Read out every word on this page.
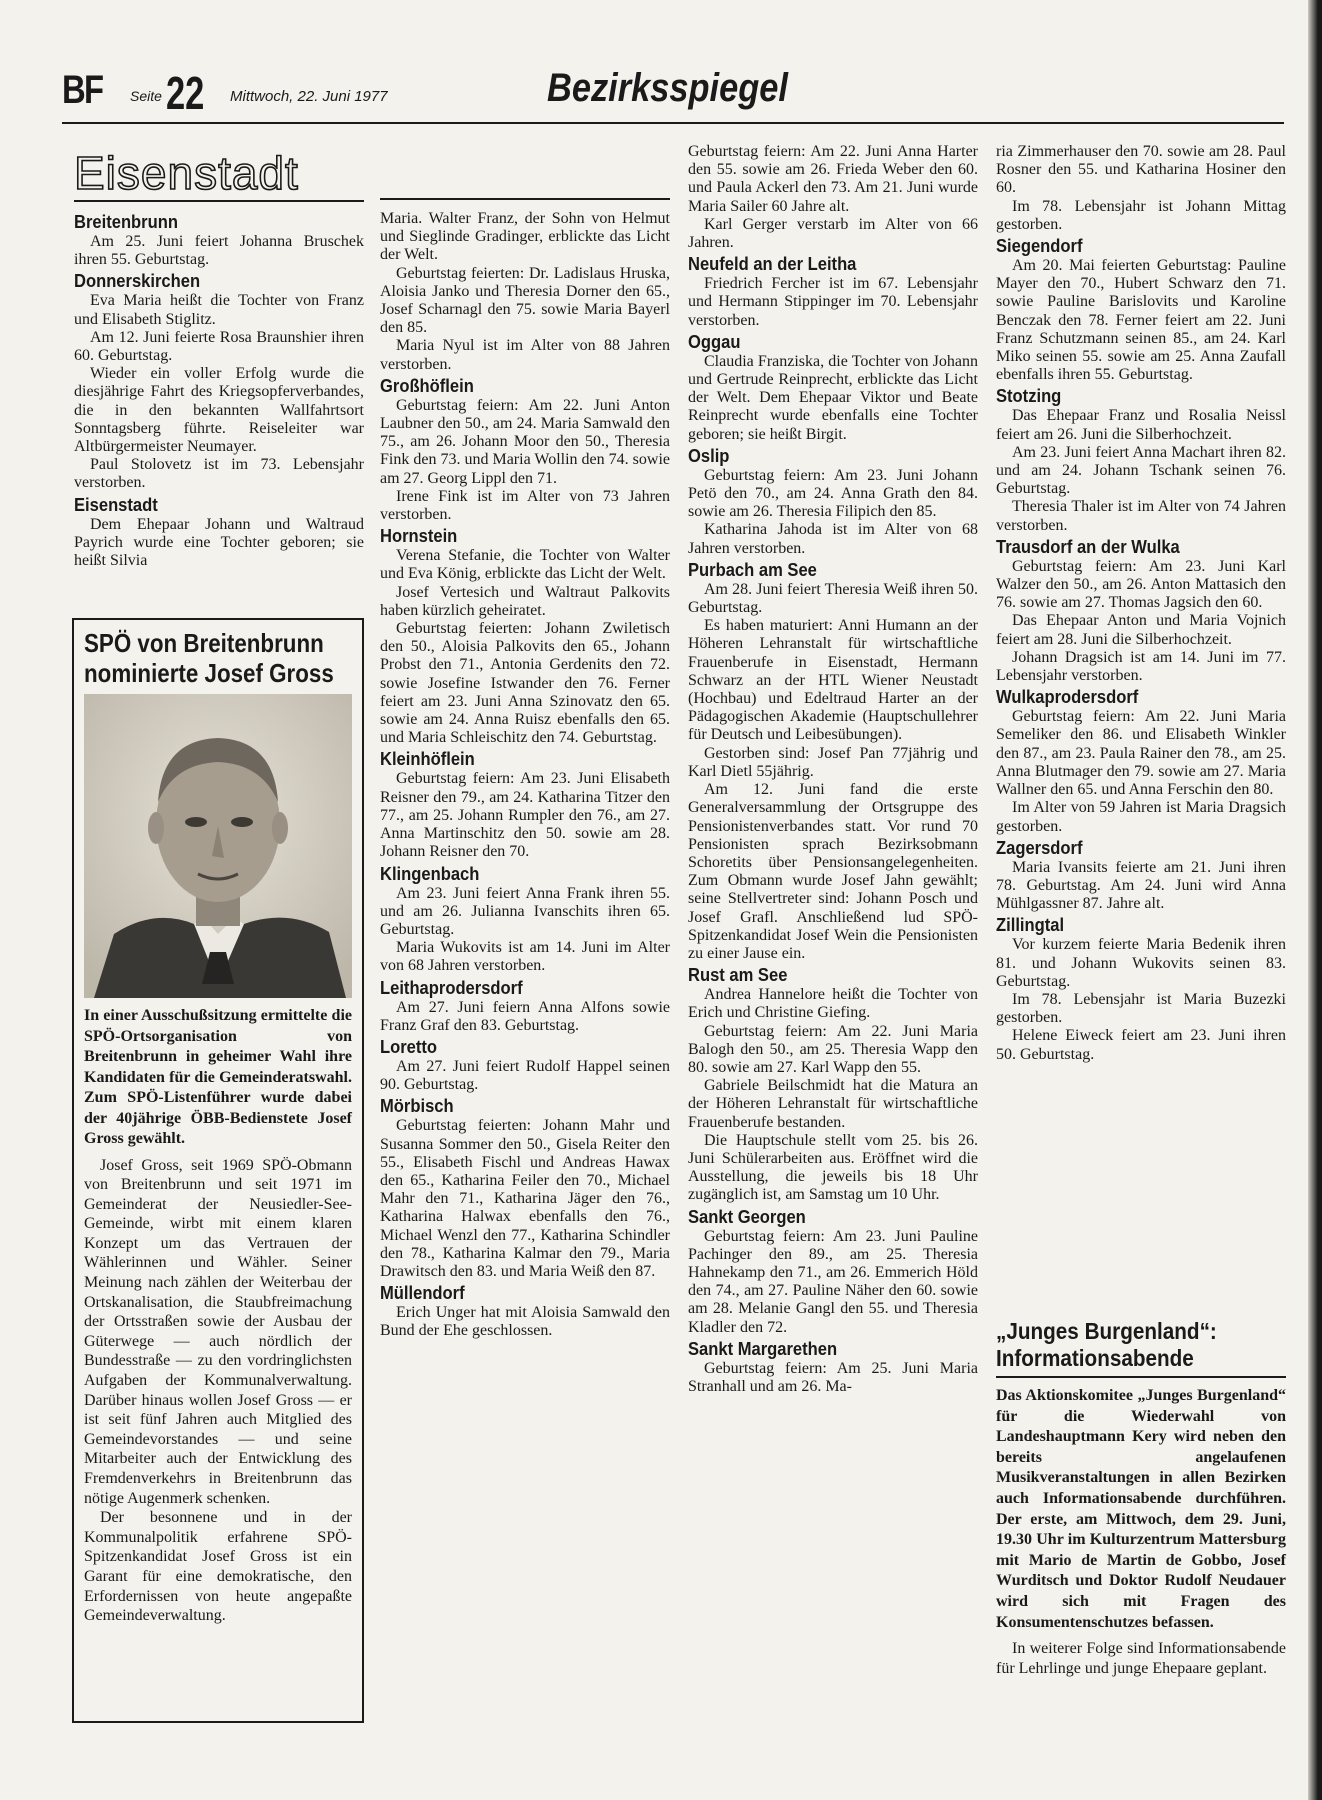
BF Seite 22 Mittwoch, 22. Juni 1977	Bezirksspiegel
Eisenstadt
Breitenbrunn

Am 25. Juni feiert Johanna Bruschek ihren 55. Geburtstag.

Donnerskirchen

Eva Maria heißt die Tochter von Franz und Elisabeth Stiglitz.

Am 12. Juni feierte Rosa Braunshier ihren 60. Geburtstag.

Wieder ein voller Erfolg wurde die diesjährige Fahrt des Kriegsopferverbandes, die in den bekannten Wallfahrtsort Sonntagsberg führte. Reiseleiter war Altbürgermeister Neumayer.

Paul Stolovetz ist im 73. Lebensjahr verstorben.

Eisenstadt

Dem Ehepaar Johann und Waltraud Payrich wurde eine Tochter geboren; sie heißt Silvia

Maria. Walter Franz, der Sohn von Helmut und Sieglinde Gradinger, erblickte das Licht der Welt.

Geburtstag feierten: Dr. Ladislaus Hruska, Aloisia Janko und Theresia Dorner den 65., Josef Scharnagl den 75. sowie Maria Bayerl den 85.

Maria Nyul ist im Alter von 88 Jahren verstorben.

Großhöflein

Geburtstag feiern: Am 22. Juni Anton Laubner den 50., am 24. Maria Samwald den 75., am 26. Johann Moor den 50., Theresia Fink den 73. und Maria Wollin den 74. sowie am 27. Georg Lippl den 71.

Irene Fink ist im Alter von 73 Jahren verstorben.

Hornstein

Verena Stefanie, die Tochter von Walter und Eva König, erblickte das Licht der Welt.

Josef Vertesich und Waltraut Palkovits haben kürzlich geheiratet.

Geburtstag feierten: Johann Zwiletisch den 50., Aloisia Palkovits den 65., Johann Probst den 71., Antonia Gerdenits den 72. sowie Josefine Istwander den 76. Ferner feiert am 23. Juni Anna Szinovatz den 65. sowie am 24. Anna Ruisz ebenfalls den 65. und Maria Schleischitz den 74. Geburtstag.

Kleinhöflein

Geburtstag feiern: Am 23. Juni Elisabeth Reisner den 79., am 24. Katharina Titzer den 77., am 25. Johann Rumpler den 76., am 27. Anna Martinschitz den 50. sowie am 28. Johann Reisner den 70.

Klingenbach

Am 23. Juni feiert Anna Frank ihren 55. und am 26. Julianna Ivanschits ihren 65. Geburtstag.

Maria Wukovits ist am 14. Juni im Alter von 68 Jahren verstorben.

Leithaprodersdorf

Am 27. Juni feiern Anna Alfons sowie Franz Graf den 83. Geburtstag.

Loretto

Am 27. Juni feiert Rudolf Happel seinen 90. Geburtstag.

Mörbisch

Geburtstag feierten: Johann Mahr und Susanna Sommer den 50., Gisela Reiter den 55., Elisabeth Fischl und Andreas Hawax den 65., Katharina Feiler den 70., Michael Mahr den 71., Katharina Jäger den 76., Katharina Halwax ebenfalls den 76., Michael Wenzl den 77., Katharina Schindler den 78., Katharina Kalmar den 79., Maria Drawitsch den 83. und Maria Weiß den 87.

Müllendorf

Erich Unger hat mit Aloisia Samwald den Bund der Ehe geschlossen.

Geburtstag feiern: Am 22. Juni Anna Harter den 55. sowie am 26. Frieda Weber den 60. und Paula Ackerl den 73. Am 21. Juni wurde Maria Sailer 60 Jahre alt.

Karl Gerger verstarb im Alter von 66 Jahren.

Neufeld an der Leitha

Friedrich Fercher ist im 67. Lebensjahr und Hermann Stippinger im 70. Lebensjahr verstorben.

Oggau

Claudia Franziska, die Tochter von Johann und Gertrude Reinprecht, erblickte das Licht der Welt. Dem Ehepaar Viktor und Beate Reinprecht wurde ebenfalls eine Tochter geboren; sie heißt Birgit.

Oslip

Geburtstag feiern: Am 23. Juni Johann Petö den 70., am 24. Anna Grath den 84. sowie am 26. Theresia Filipich den 85.

Katharina Jahoda ist im Alter von 68 Jahren verstorben.

Purbach am See

Am 28. Juni feiert Theresia Weiß ihren 50. Geburtstag.

Es haben maturiert: Anni Humann an der Höheren Lehranstalt für wirtschaftliche Frauenberufe in Eisenstadt, Hermann Schwarz an der HTL Wiener Neustadt (Hochbau) und Edeltraud Harter an der Pädagogischen Akademie (Hauptschullehrer für Deutsch und Leibesübungen).

Gestorben sind: Josef Pan 77jährig und Karl Dietl 55jährig.

Am 12. Juni fand die erste Generalversammlung der Ortsgruppe des Pensionistenverbandes statt. Vor rund 70 Pensionisten sprach Bezirksobmann Schoretits über Pensionsangelegenheiten. Zum Obmann wurde Josef Jahn gewählt; seine Stellvertreter sind: Johann Posch und Josef Grafl. Anschließend lud SPÖ-Spitzenkandidat Josef Wein die Pensionisten zu einer Jause ein.

Rust am See

Andrea Hannelore heißt die Tochter von Erich und Christine Giefing.

Geburtstag feiern: Am 22. Juni Maria Balogh den 50., am 25. Theresia Wapp den 80. sowie am 27. Karl Wapp den 55.

Gabriele Beilschmidt hat die Matura an der Höheren Lehranstalt für wirtschaftliche Frauenberufe bestanden.

Die Hauptschule stellt vom 25. bis 26. Juni Schülerarbeiten aus. Eröffnet wird die Ausstellung, die jeweils bis 18 Uhr zugänglich ist, am Samstag um 10 Uhr.

Sankt Georgen

Geburtstag feiern: Am 23. Juni Pauline Pachinger den 89., am 25. Theresia Hahnekamp den 71., am 26. Emmerich Höld den 74., am 27. Pauline Näher den 60. sowie am 28. Melanie Gangl den 55. und Theresia Kladler den 72.

Sankt Margarethen

Geburtstag feiern: Am 25. Juni Maria Stranhall und am 26. Ma-

ria Zimmerhauser den 70. sowie am 28. Paul Rosner den 55. und Katharina Hosiner den 60.

Im 78. Lebensjahr ist Johann Mittag gestorben.

Siegendorf

Am 20. Mai feierten Geburtstag: Pauline Mayer den 70., Hubert Schwarz den 71. sowie Pauline Barislovits und Karoline Benczak den 78. Ferner feiert am 22. Juni Franz Schutzmann seinen 85., am 24. Karl Miko seinen 55. sowie am 25. Anna Zaufall ebenfalls ihren 55. Geburtstag.

Stotzing

Das Ehepaar Franz und Rosalia Neissl feiert am 26. Juni die Silberhochzeit.

Am 23. Juni feiert Anna Machart ihren 82. und am 24. Johann Tschank seinen 76. Geburtstag.

Theresia Thaler ist im Alter von 74 Jahren verstorben.

Trausdorf an der Wulka

Geburtstag feiern: Am 23. Juni Karl Walzer den 50., am 26. Anton Mattasich den 76. sowie am 27. Thomas Jagsich den 60.

Das Ehepaar Anton und Maria Vojnich feiert am 28. Juni die Silberhochzeit.

Johann Dragsich ist am 14. Juni im 77. Lebensjahr verstorben.

Wulkaprodersdorf

Geburtstag feiern: Am 22. Juni Maria Semeliker den 86. und Elisabeth Winkler den 87., am 23. Paula Rainer den 78., am 25. Anna Blutmager den 79. sowie am 27. Maria Wallner den 65. und Anna Ferschin den 80.

Im Alter von 59 Jahren ist Maria Dragsich gestorben.

Zagersdorf

Maria Ivansits feierte am 21. Juni ihren 78. Geburtstag. Am 24. Juni wird Anna Mühlgassner 87. Jahre alt.

Zillingtal

Vor kurzem feierte Maria Bedenik ihren 81. und Johann Wukovits seinen 83. Geburtstag.

Im 78. Lebensjahr ist Maria Buzezki gestorben.

Helene Eiweck feiert am 23. Juni ihren 50. Geburtstag.

SPÖ von Breitenbrunn nominierte Josef Gross
In einer Ausschußsitzung ermittelte die SPÖ-Ortsorganisation von Breitenbrunn in geheimer Wahl ihre Kandidaten für die Gemeinderatswahl. Zum SPÖ-Listenführer wurde dabei der 40jährige ÖBB-Bedienstete Josef Gross gewählt.

Josef Gross, seit 1969 SPÖ-Obmann von Breitenbrunn und seit 1971 im Gemeinderat der Neusiedler-See-Gemeinde, wirbt mit einem klaren Konzept um das Vertrauen der Wählerinnen und Wähler. Seiner Meinung nach zählen der Weiterbau der Ortskanalisation, die Staubfreimachung der Ortsstraßen sowie der Ausbau der Güterwege — auch nördlich der Bundesstraße — zu den vordringlichsten Aufgaben der Kommunalverwaltung. Darüber hinaus wollen Josef Gross — er ist seit fünf Jahren auch Mitglied des Gemeindevorstandes — und seine Mitarbeiter auch der Entwicklung des Fremdenverkehrs in Breitenbrunn das nötige Augenmerk schenken.

Der besonnene und in der Kommunalpolitik erfahrene SPÖ-Spitzenkandidat Josef Gross ist ein Garant für eine demokratische, den Erfordernissen von heute angepaßte Gemeindeverwaltung.

„Junges Burgenland“: Informationsabende
Das Aktionskomitee „Junges Burgenland“ für die Wiederwahl von Landeshauptmann Kery wird neben den bereits angelaufenen Musikveranstaltungen in allen Bezirken auch Informationsabende durchführen. Der erste, am Mittwoch, dem 29. Juni, 19.30 Uhr im Kulturzentrum Mattersburg mit Mario de Martin de Gobbo, Josef Wurditsch und Doktor Rudolf Neudauer wird sich mit Fragen des Konsumentenschutzes befassen.
In weiterer Folge sind Informationsabende für Lehrlinge und junge Ehepaare geplant.
